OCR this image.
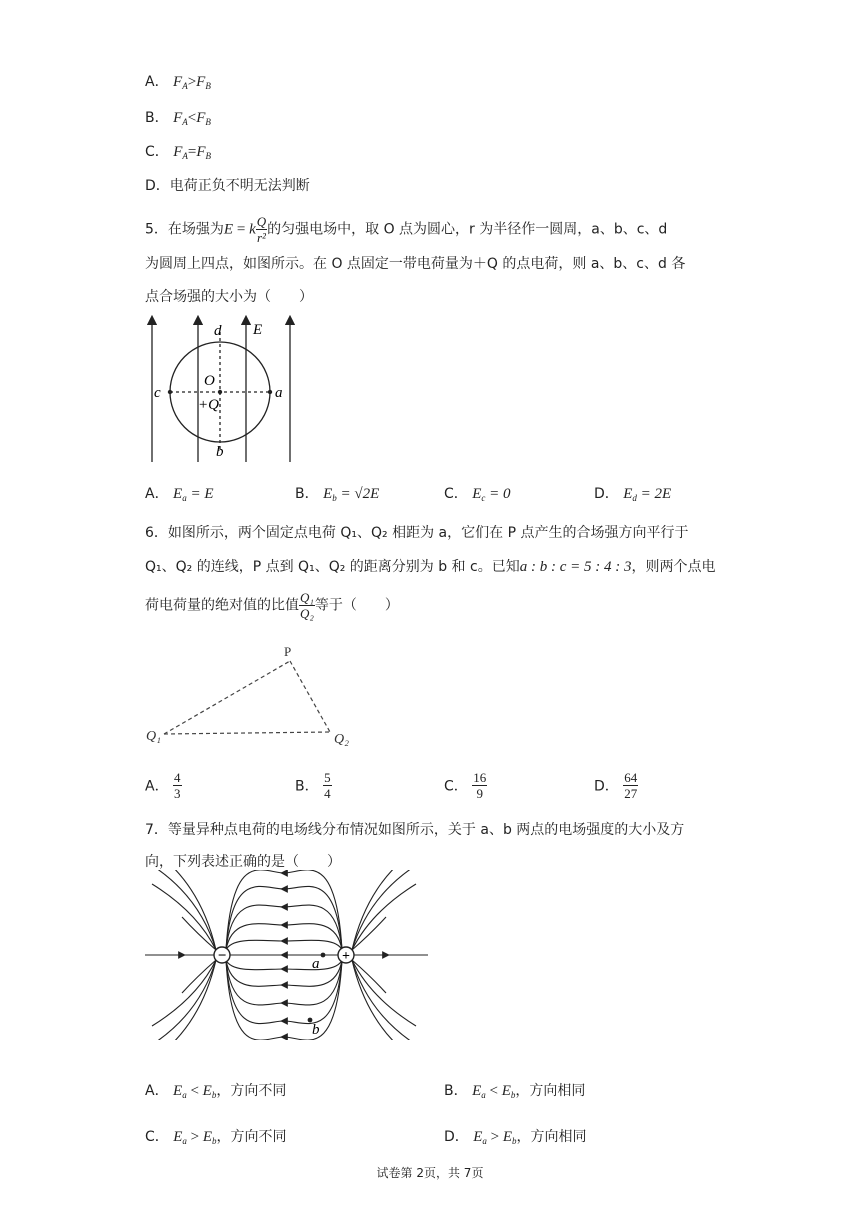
A． $F_A>F_B$
B． $F_A<F_B$
C． $F_A=F_B$
D．电荷正负不明无法判断
5．在场强为E = k $\frac{Q}{\text{r²}}$ 的匀强电场中，取 O 点为圆心，r 为半径作一圆周，a、b、c、d
为圆周上四点，如图所示。在 O 点固定一带电荷量为＋Q 的点电荷，则 a、b、c、d 各
点合场强的大小为（　　）
d E
O
c	a
+Q
b
A． $E_a = E$	B． $E_b = √2E$	C． $E_c = 0$	D． $E_d = 2E$
6．如图所示，两个固定点电荷 Q₁、Q₂ 相距为 a，它们在 P 点产生的合场强方向平行于
Q₁、Q₂ 的连线，P 点到 Q₁、Q₂ 的距离分别为 b 和 c。已知a : b : c = 5 : 4 : 3，则两个点电
荷电荷量的绝对值的比值 $\frac{\text{Q₁}}{\text{Q₂}}$ 等于（　　）
P
Q₁	Q₂
A． $\frac{4}{3}$	B． $\frac{5}{4}$	C． $\frac{16}{9}$	D． $\frac{64}{27}$
7．等量异种点电荷的电场线分布情况如图所示，关于 a、b 两点的电场强度的大小及方
向，下列表述正确的是（　　）
−	+
a
b
A． $E_a < E_b$，方向不同	B． $E_a < E_b$，方向相同
C． $E_a > E_b$，方向不同	D． $E_a > E_b$，方向相同
试卷第 2页，共 7页
